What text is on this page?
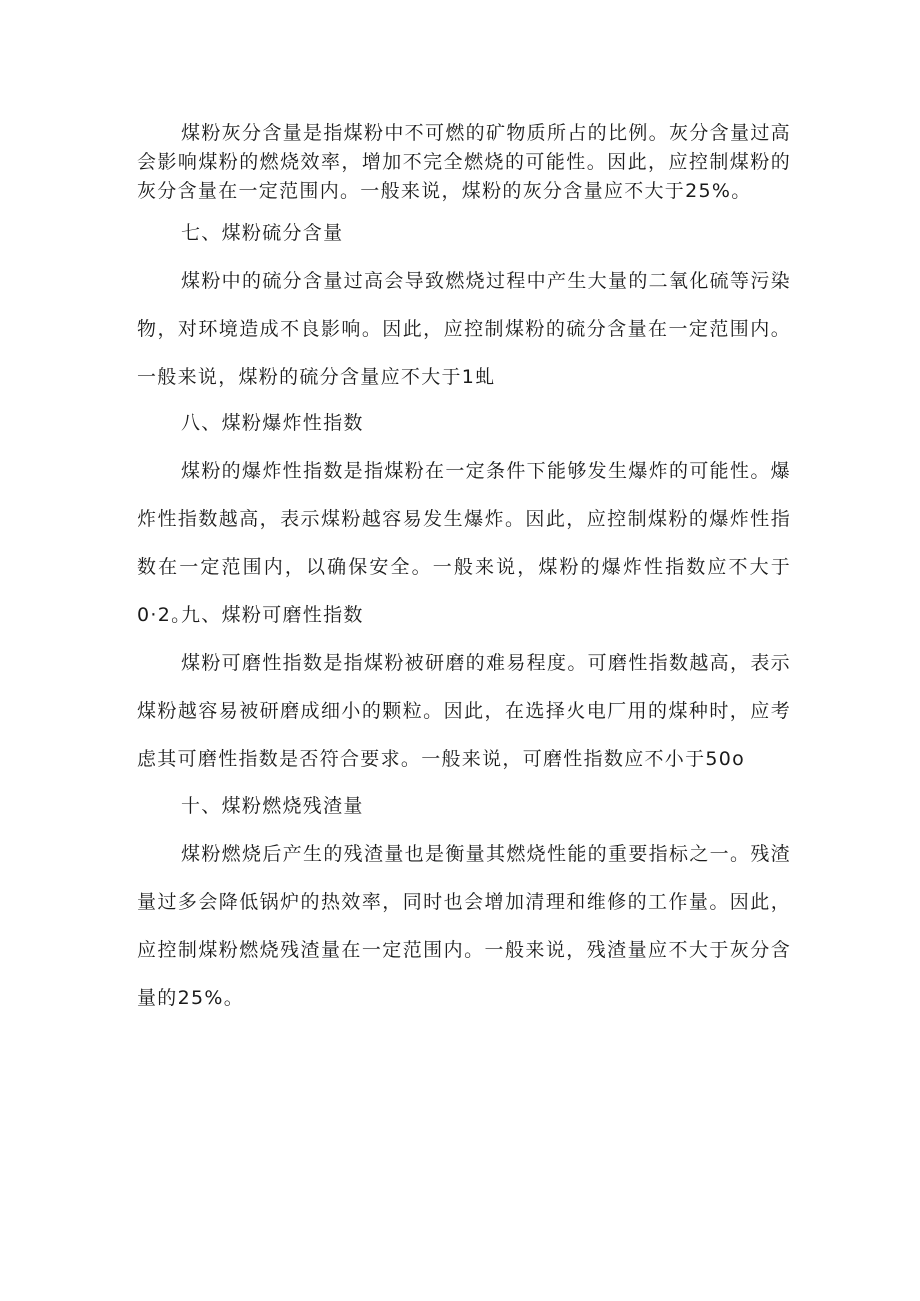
煤粉灰分含量是指煤粉中不可燃的矿物质所占的比例。灰分含量过高会影响煤粉的燃烧效率，增加不完全燃烧的可能性。因此，应控制煤粉的灰分含量在一定范围内。一般来说，煤粉的灰分含量应不大于25%。

七、煤粉硫分含量

煤粉中的硫分含量过高会导致燃烧过程中产生大量的二氧化硫等污染物，对环境造成不良影响。因此，应控制煤粉的硫分含量在一定范围内。一般来说，煤粉的硫分含量应不大于1虬

八、煤粉爆炸性指数

煤粉的爆炸性指数是指煤粉在一定条件下能够发生爆炸的可能性。爆炸性指数越高，表示煤粉越容易发生爆炸。因此，应控制煤粉的爆炸性指数在一定范围内，以确保安全。一般来说，煤粉的爆炸性指数应不大于0·2。

九、煤粉可磨性指数

煤粉可磨性指数是指煤粉被研磨的难易程度。可磨性指数越高，表示煤粉越容易被研磨成细小的颗粒。因此，在选择火电厂用的煤种时，应考虑其可磨性指数是否符合要求。一般来说，可磨性指数应不小于50o

十、煤粉燃烧残渣量

煤粉燃烧后产生的残渣量也是衡量其燃烧性能的重要指标之一。残渣量过多会降低锅炉的热效率，同时也会增加清理和维修的工作量。因此，应控制煤粉燃烧残渣量在一定范围内。一般来说，残渣量应不大于灰分含量的25%。
